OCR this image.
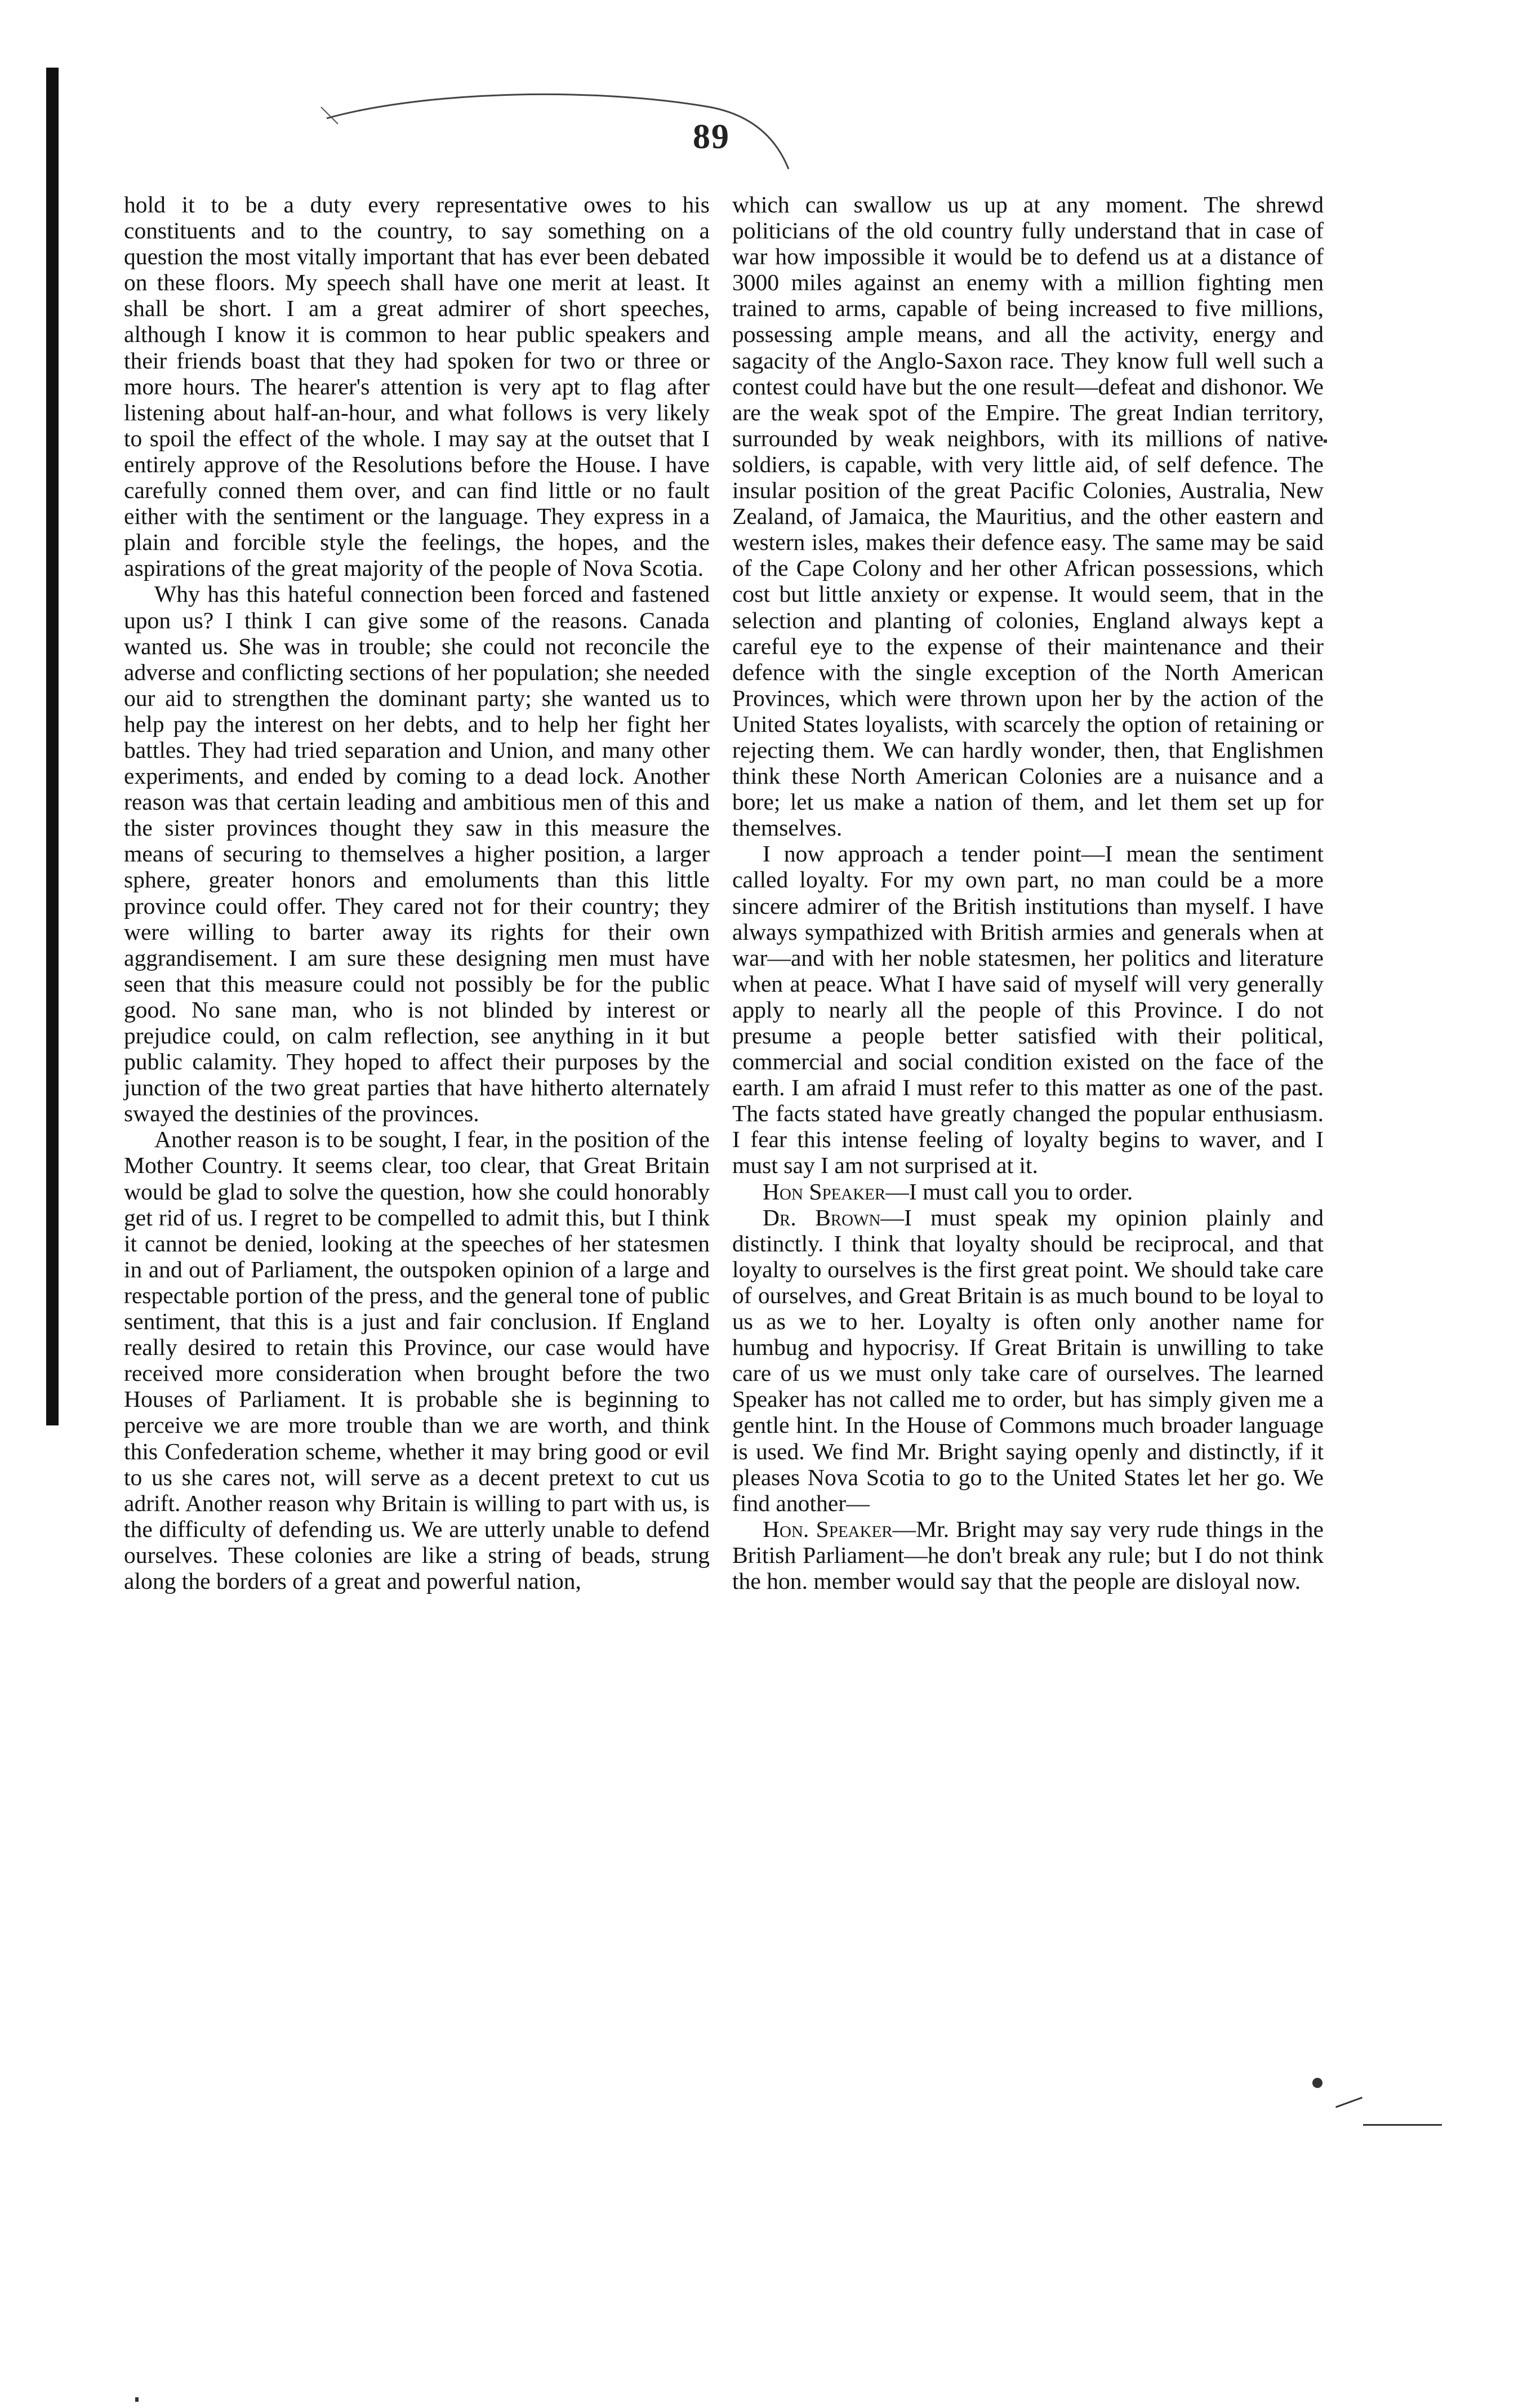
89

hold it to be a duty every representative owes to his constituents and to the country, to say something on a question the most vitally important that has ever been debated on these floors. My speech shall have one merit at least. It shall be short. I am a great admirer of short speeches, although I know it is common to hear public speakers and their friends boast that they had spoken for two or three or more hours. The hearer's attention is very apt to flag after listening about half-an-hour, and what follows is very likely to spoil the effect of the whole. I may say at the outset that I entirely approve of the Resolutions before the House. I have carefully conned them over, and can find little or no fault either with the sentiment or the language. They express in a plain and forcible style the feelings, the hopes, and the aspirations of the great majority of the people of Nova Scotia.

Why has this hateful connection been forced and fastened upon us? I think I can give some of the reasons. Canada wanted us. She was in trouble; she could not reconcile the adverse and conflicting sections of her population; she needed our aid to strengthen the dominant party; she wanted us to help pay the interest on her debts, and to help her fight her battles. They had tried separation and Union, and many other experiments, and ended by coming to a dead lock. Another reason was that certain leading and ambitious men of this and the sister provinces thought they saw in this measure the means of securing to themselves a higher position, a larger sphere, greater honors and emoluments than this little province could offer. They cared not for their country; they were willing to barter away its rights for their own aggrandisement. I am sure these designing men must have seen that this measure could not possibly be for the public good. No sane man, who is not blinded by interest or prejudice could, on calm reflection, see anything in it but public calamity. They hoped to affect their purposes by the junction of the two great parties that have hitherto alternately swayed the destinies of the provinces.

Another reason is to be sought, I fear, in the position of the Mother Country. It seems clear, too clear, that Great Britain would be glad to solve the question, how she could honorably get rid of us. I regret to be compelled to admit this, but I think it cannot be denied, looking at the speeches of her statesmen in and out of Parliament, the outspoken opinion of a large and respectable portion of the press, and the general tone of public sentiment, that this is a just and fair conclusion. If England really desired to retain this Province, our case would have received more consideration when brought before the two Houses of Parliament. It is probable she is beginning to perceive we are more trouble than we are worth, and think this Confederation scheme, whether it may bring good or evil to us she cares not, will serve as a decent pretext to cut us adrift. Another reason why Britain is willing to part with us, is the difficulty of defending us. We are utterly unable to defend ourselves. These colonies are like a string of beads, strung along the borders of a great and powerful nation,

which can swallow us up at any moment. The shrewd politicians of the old country fully understand that in case of war how impossible it would be to defend us at a distance of 3000 miles against an enemy with a million fighting men trained to arms, capable of being increased to five millions, possessing ample means, and all the activity, energy and sagacity of the Anglo-Saxon race. They know full well such a contest could have but the one result—defeat and dishonor. We are the weak spot of the Empire. The great Indian territory, surrounded by weak neighbors, with its millions of native soldiers, is capable, with very little aid, of self defence. The insular position of the great Pacific Colonies, Australia, New Zealand, of Jamaica, the Mauritius, and the other eastern and western isles, makes their defence easy. The same may be said of the Cape Colony and her other African possessions, which cost but little anxiety or expense. It would seem, that in the selection and planting of colonies, England always kept a careful eye to the expense of their maintenance and their defence with the single exception of the North American Provinces, which were thrown upon her by the action of the United States loyalists, with scarcely the option of retaining or rejecting them. We can hardly wonder, then, that Englishmen think these North American Colonies are a nuisance and a bore; let us make a nation of them, and let them set up for themselves.

I now approach a tender point—I mean the sentiment called loyalty. For my own part, no man could be a more sincere admirer of the British institutions than myself. I have always sympathized with British armies and generals when at war—and with her noble statesmen, her politics and literature when at peace. What I have said of myself will very generally apply to nearly all the people of this Province. I do not presume a people better satisfied with their political, commercial and social condition existed on the face of the earth. I am afraid I must refer to this matter as one of the past. The facts stated have greatly changed the popular enthusiasm. I fear this intense feeling of loyalty begins to waver, and I must say I am not surprised at it.

Hon Speaker—I must call you to order.

Dr. Brown—I must speak my opinion plainly and distinctly. I think that loyalty should be reciprocal, and that loyalty to ourselves is the first great point. We should take care of ourselves, and Great Britain is as much bound to be loyal to us as we to her. Loyalty is often only another name for humbug and hypocrisy. If Great Britain is unwilling to take care of us we must only take care of ourselves. The learned Speaker has not called me to order, but has simply given me a gentle hint. In the House of Commons much broader language is used. We find Mr. Bright saying openly and distinctly, if it pleases Nova Scotia to go to the United States let her go. We find another—

Hon. Speaker—Mr. Bright may say very rude things in the British Parliament—he don't break any rule; but I do not think the hon. member would say that the people are disloyal now.
